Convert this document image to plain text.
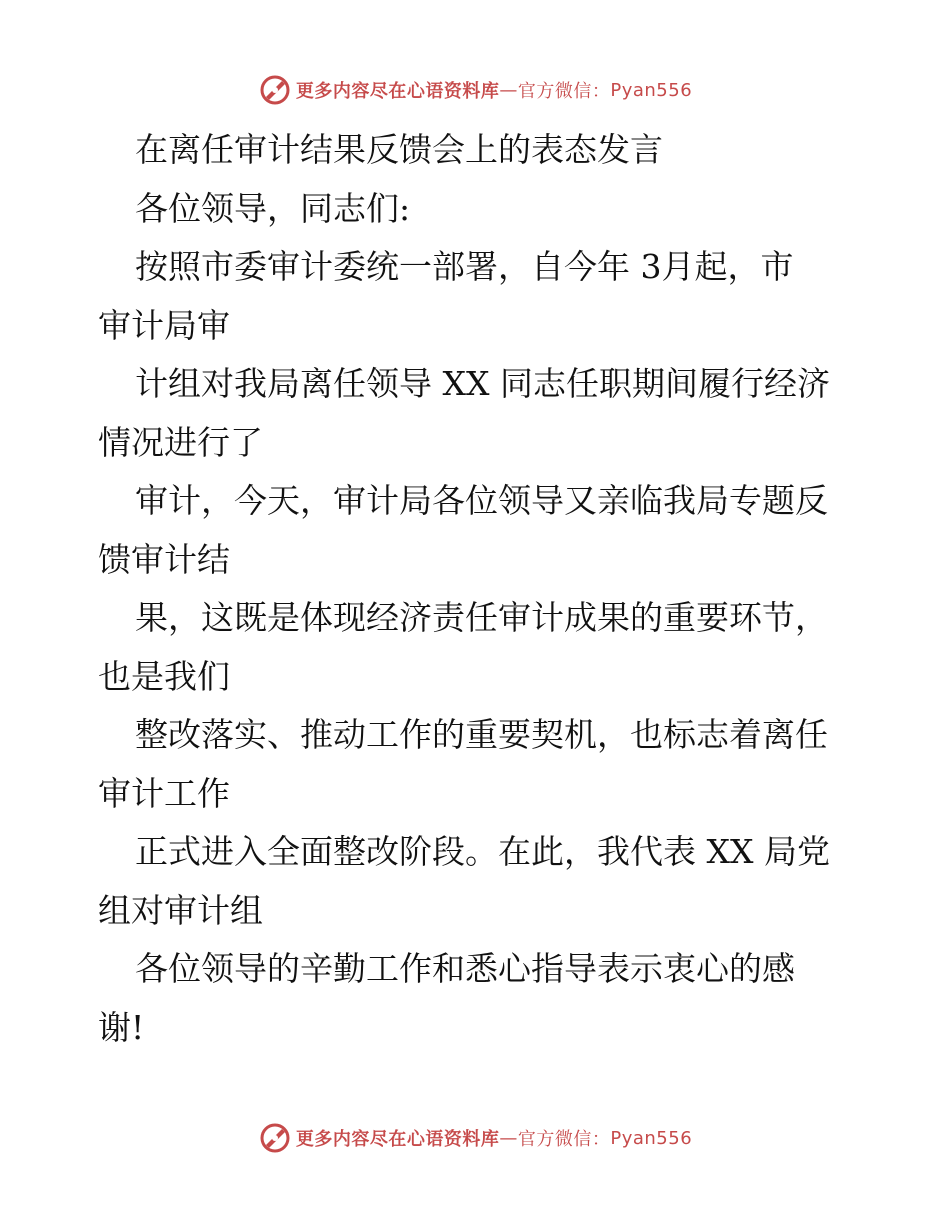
更多内容尽在心语资料库 — 官方微信： Pyan556
在离任审计结果反馈会上的表态发言
各位领导，同志们:
按照市委审计委统一部署，自今年 3月起，市
审计局审
计组对我局离任领导 XX 同志任职期间履行经济
情况进行了
审计，今天，审计局各位领导又亲临我局专题反
馈审计结
果，这既是体现经济责任审计成果的重要环节，
也是我们
整改落实、推动工作的重要契机，也标志着离任
审计工作
正式进入全面整改阶段。在此，我代表 XX 局党
组对审计组
各位领导的辛勤工作和悉心指导表示衷心的感
谢!
更多内容尽在心语资料库 — 官方微信： Pyan556
